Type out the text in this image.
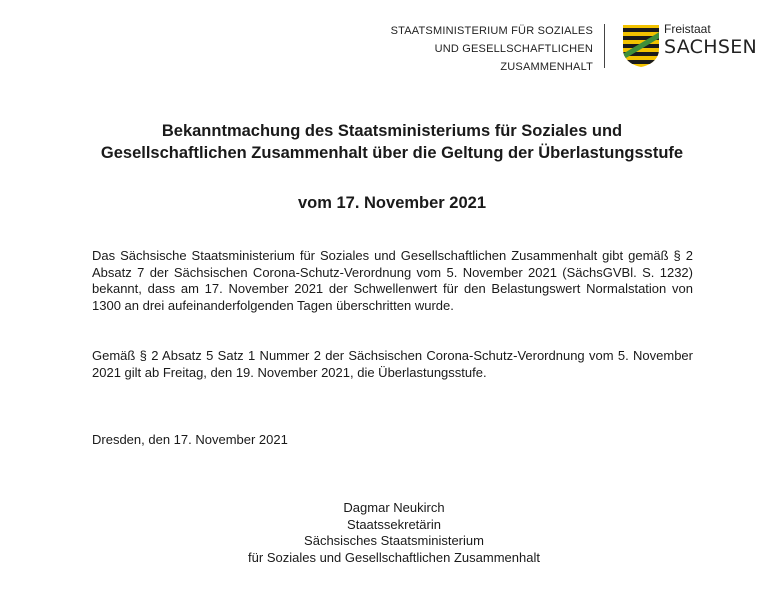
STAATSMINISTERIUM FÜR SOZIALES
UND GESELLSCHAFTLICHEN
ZUSAMMENHALT
Freistaat
SACHSEN
Bekanntmachung des Staatsministeriums für Soziales und Gesellschaftlichen Zusammenhalt über die Geltung der Überlastungsstufe
vom 17. November 2021
Das Sächsische Staatsministerium für Soziales und Gesellschaftlichen Zusammenhalt gibt gemäß § 2 Absatz 7 der Sächsischen Corona-Schutz-Verordnung vom 5. November 2021 (SächsGVBl. S. 1232) bekannt, dass am 17. November 2021 der Schwellenwert für den Belastungswert Normalstation von 1300 an drei aufeinanderfolgenden Tagen überschritten wurde.
Gemäß § 2 Absatz 5 Satz 1 Nummer 2 der Sächsischen Corona-Schutz-Verordnung vom 5. November 2021 gilt ab Freitag, den 19. November 2021, die Überlastungsstufe.
Dresden, den 17. November 2021
Dagmar Neukirch
Staatssekretärin
Sächsisches Staatsministerium
für Soziales und Gesellschaftlichen Zusammenhalt
